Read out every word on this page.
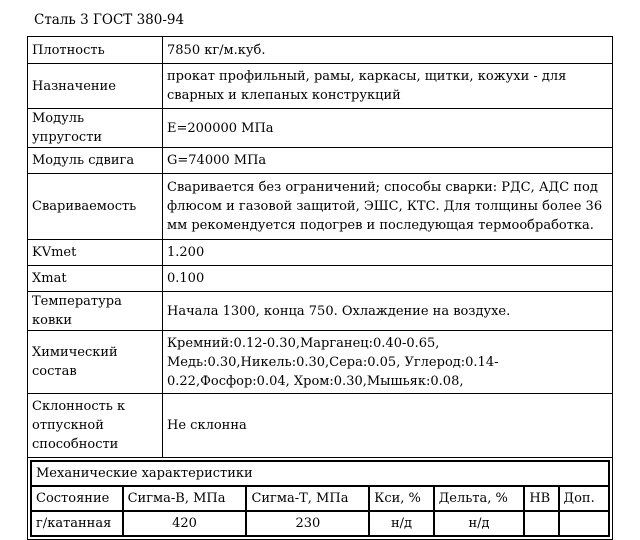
Сталь 3 ГОСТ 380-94
Плотность	7850 кг/м.куб.
Назначение	прокат профильный, рамы, каркасы, щитки, кожухи - для сварных и клепаных конструкций
Модуль упругости	E=200000 МПа
Модуль сдвига	G=74000 МПа
Свариваемость	Сваривается без ограничений; способы сварки: РДС, АДС под флюсом и газовой защитой, ЭШС, КТС. Для толщины более 36 мм рекомендуется подогрев и последующая термообработка.
KVmet	1.200
Xmat	0.100
Температура ковки	Начала 1300, конца 750. Охлаждение на воздухе.
Химический состав	Кремний:0.12-0.30,Марганец:0.40-0.65, Медь:0.30,Никель:0.30,Сера:0.05, Углерод:0.14-0.22,Фосфор:0.04, Хром:0.30,Мышьяк:0.08,
Склонность к отпускной способности	Не склонна

Механические характеристики
Состояние	Сигма-В, МПа	Сигма-Т, МПа	Кси, %	Дельта, %	HB	Доп.
г/катанная	420	230	н/д	н/д		
